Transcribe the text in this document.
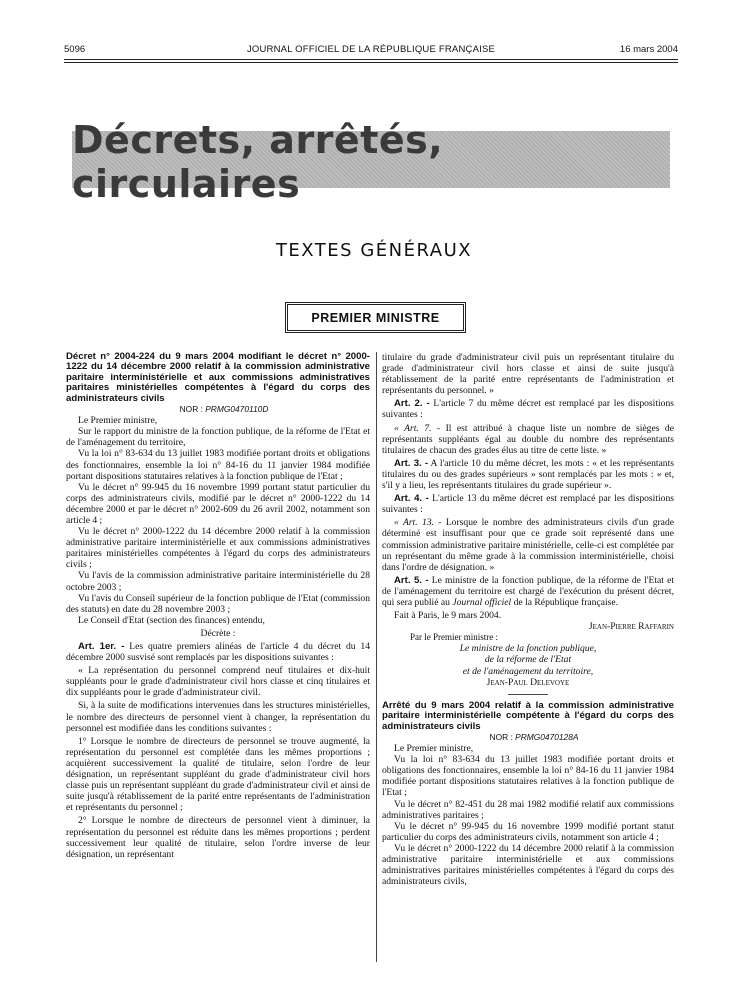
5096	JOURNAL OFFICIEL DE LA RÉPUBLIQUE FRANÇAISE	16 mars 2004
Décrets, arrêtés, circulaires
TEXTES GÉNÉRAUX
PREMIER MINISTRE

Décret n° 2004-224 du 9 mars 2004 modifiant le décret n° 2000-1222 du 14 décembre 2000 relatif à la commission administrative paritaire interministérielle et aux commissions administratives paritaires ministérielles compétentes à l'égard du corps des administrateurs civils

NOR : PRMG0470110D

Le Premier ministre,

Sur le rapport du ministre de la fonction publique, de la réforme de l'Etat et de l'aménagement du territoire,

Vu la loi n° 83-634 du 13 juillet 1983 modifiée portant droits et obligations des fonctionnaires, ensemble la loi n° 84-16 du 11 janvier 1984 modifiée portant dispositions statutaires relatives à la fonction publique de l'Etat ;

Vu le décret n° 99-945 du 16 novembre 1999 portant statut particulier du corps des administrateurs civils, modifié par le décret n° 2000-1222 du 14 décembre 2000 et par le décret n° 2002-609 du 26 avril 2002, notamment son article 4 ;

Vu le décret n° 2000-1222 du 14 décembre 2000 relatif à la commission administrative paritaire interministérielle et aux commissions administratives paritaires ministérielles compétentes à l'égard du corps des administrateurs civils ;

Vu l'avis de la commission administrative paritaire interministérielle du 28 octobre 2003 ;

Vu l'avis du Conseil supérieur de la fonction publique de l'Etat (commission des statuts) en date du 28 novembre 2003 ;

Le Conseil d'Etat (section des finances) entendu,

Décrète :

Art. 1er. - Les quatre premiers alinéas de l'article 4 du décret du 14 décembre 2000 susvisé sont remplacés par les dispositions suivantes :

« La représentation du personnel comprend neuf titulaires et dix-huit suppléants pour le grade d'administrateur civil hors classe et cinq titulaires et dix suppléants pour le grade d'administrateur civil.

Si, à la suite de modifications intervenues dans les structures ministérielles, le nombre des directeurs de personnel vient à changer, la représentation du personnel est modifiée dans les conditions suivantes :

1° Lorsque le nombre de directeurs de personnel se trouve augmenté, la représentation du personnel est complétée dans les mêmes proportions ; acquièrent successivement la qualité de titulaire, selon l'ordre de leur désignation, un représentant suppléant du grade d'administrateur civil hors classe puis un représentant suppléant du grade d'administrateur civil et ainsi de suite jusqu'à rétablissement de la parité entre représentants de l'administration et représentants du personnel ;

2° Lorsque le nombre de directeurs de personnel vient à diminuer, la représentation du personnel est réduite dans les mêmes proportions ; perdent successivement leur qualité de titulaire, selon l'ordre inverse de leur désignation, un représentant

titulaire du grade d'administrateur civil puis un représentant titulaire du grade d'administrateur civil hors classe et ainsi de suite jusqu'à rétablissement de la parité entre représentants de l'administration et représentants du personnel. »

Art. 2. - L'article 7 du même décret est remplacé par les dispositions suivantes :

« Art. 7. - Il est attribué à chaque liste un nombre de sièges de représentants suppléants égal au double du nombre des représentants titulaires de chacun des grades élus au titre de cette liste. »

Art. 3. - A l'article 10 du même décret, les mots : « et les représentants titulaires du ou des grades supérieurs » sont remplacés par les mots : « et, s'il y a lieu, les représentants titulaires du grade supérieur ».

Art. 4. - L'article 13 du même décret est remplacé par les dispositions suivantes :

« Art. 13. - Lorsque le nombre des administrateurs civils d'un grade déterminé est insuffisant pour que ce grade soit représenté dans une commission administrative paritaire ministérielle, celle-ci est complétée par un représentant du même grade à la commission interministérielle, choisi dans l'ordre de désignation. »

Art. 5. - Le ministre de la fonction publique, de la réforme de l'Etat et de l'aménagement du territoire est chargé de l'exécution du présent décret, qui sera publié au Journal officiel de la République française.

Fait à Paris, le 9 mars 2004.

Jean-Pierre Raffarin

Par le Premier ministre :

Le ministre de la fonction publique,

de la réforme de l'Etat

et de l'aménagement du territoire,

Jean-Paul Delevoye

Arrêté du 9 mars 2004 relatif à la commission administrative paritaire interministérielle compétente à l'égard du corps des administrateurs civils

NOR : PRMG0470128A

Le Premier ministre,

Vu la loi n° 83-634 du 13 juillet 1983 modifiée portant droits et obligations des fonctionnaires, ensemble la loi n° 84-16 du 11 janvier 1984 modifiée portant dispositions statutaires relatives à la fonction publique de l'Etat ;

Vu le décret n° 82-451 du 28 mai 1982 modifié relatif aux commissions administratives paritaires ;

Vu le décret n° 99-945 du 16 novembre 1999 modifié portant statut particulier du corps des administrateurs civils, notamment son article 4 ;

Vu le décret n° 2000-1222 du 14 décembre 2000 relatif à la commission administrative paritaire interministérielle et aux commissions administratives paritaires ministérielles compétentes à l'égard du corps des administrateurs civils,
